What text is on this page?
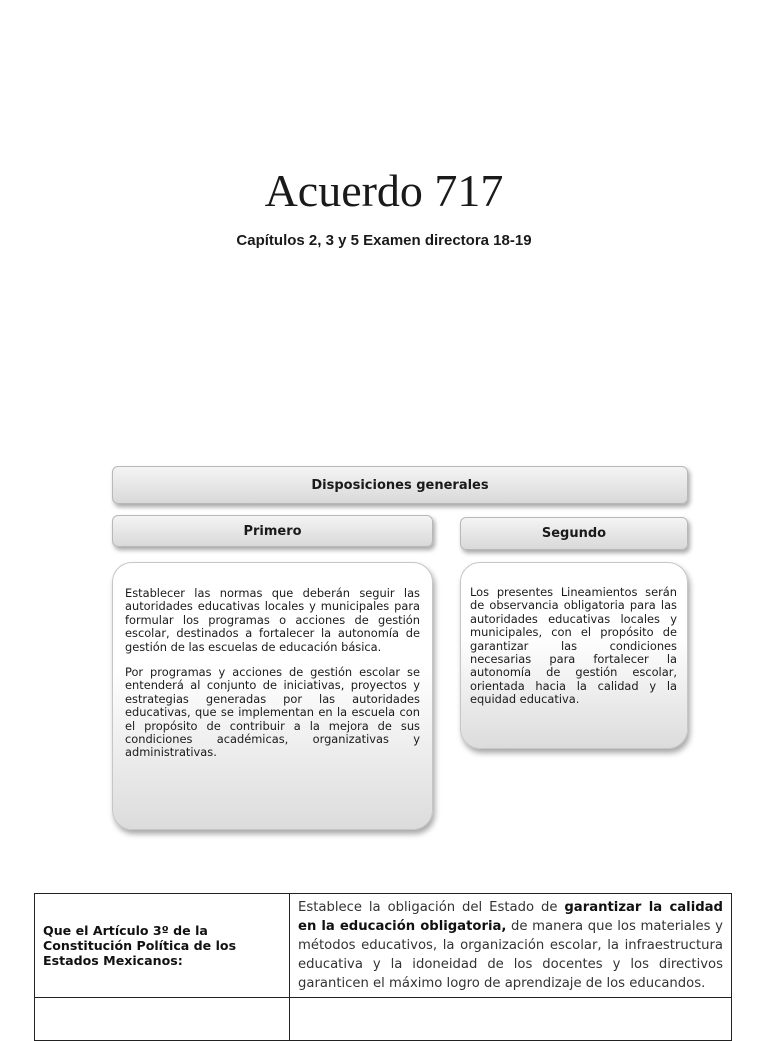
Acuerdo 717
Capítulos 2, 3 y 5 Examen directora 18-19
Disposiciones generales
Primero	Segundo

Establecer las normas que deberán seguir las autoridades educativas locales y municipales para formular los programas o acciones de gestión escolar, destinados a fortalecer la autonomía de gestión de las escuelas de educación básica.

Por programas y acciones de gestión escolar se entenderá al conjunto de iniciativas, proyectos y estrategias generadas por las autoridades educativas, que se implementan en la escuela con el propósito de contribuir a la mejora de sus condiciones académicas, organizativas y administrativas.

Los presentes Lineamientos serán de observancia obligatoria para las autoridades educativas locales y municipales, con el propósito de garantizar las condiciones necesarias para fortalecer la autonomía de gestión escolar, orientada hacia la calidad y la equidad educativa.

Que el Artículo 3º de la Constitución Política de los Estados Mexicanos:	Establece la obligación del Estado de garantizar la calidad en la educación obligatoria, de manera que los materiales y métodos educativos, la organización escolar, la infraestructura educativa y la idoneidad de los docentes y los directivos garanticen el máximo logro de aprendizaje de los educandos.
